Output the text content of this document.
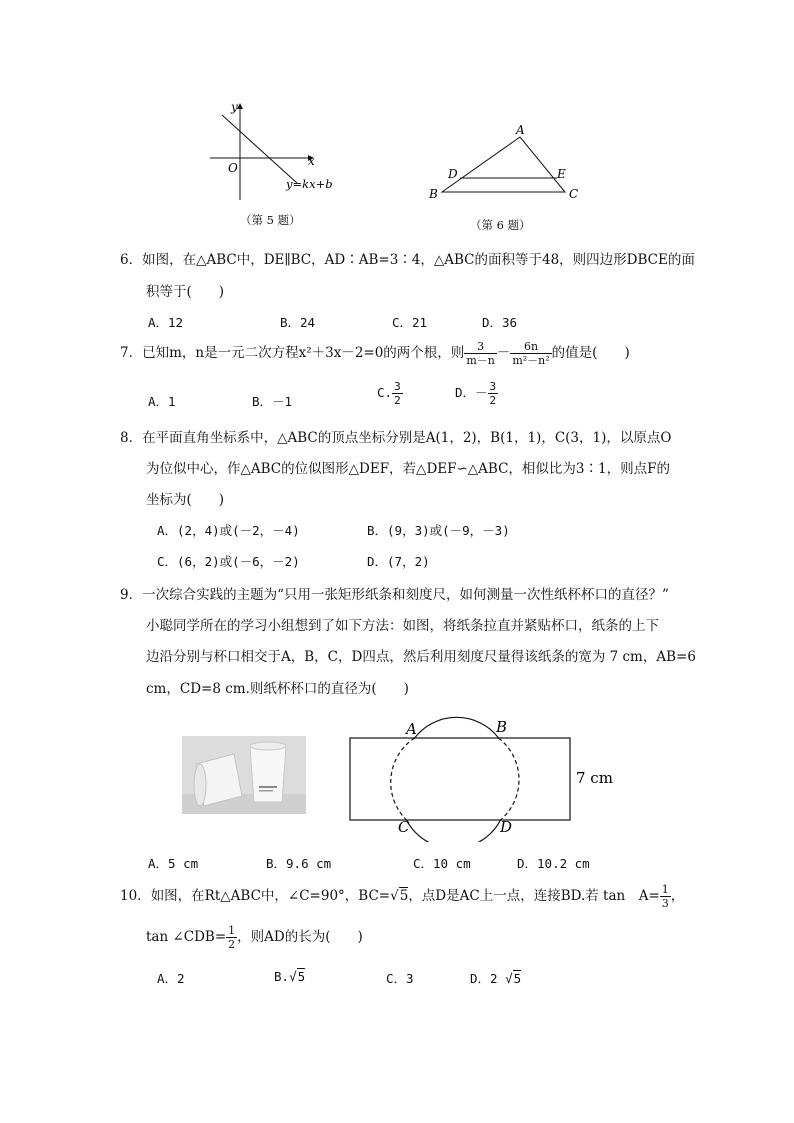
x
y
O
y=kx+b
（第 5 题）
A
B	C
D	E
（第 6 题）
6．如图，在△ABC中，DE∥BC，AD∶AB=3∶4，△ABC的面积等于48，则四边形DBCE的面
积等于(　　)
A．12	B．24	C．21	D．36
7．已知m，n是一元二次方程x²＋3x－2=0的两个根，则 $\frac{3}{m-n} - \frac{6n}{\text{m²－n²}}$ 的值是(　　)
A．1	B．－1
C. $\frac{3}{2}$	D．－ $\frac{3}{2}$
8．在平面直角坐标系中，△ABC的顶点坐标分别是A(1，2)，B(1，1)，C(3，1)，以原点O
为位似中心，作△ABC的位似图形△DEF，若△DEF∽△ABC，相似比为3∶1，则点F的
坐标为(　　)
A．(2，4)或(－2，－4)	B．(9，3)或(－9，－3)
C．(6，2)或(－6，－2)	D．(7，2)
9．一次综合实践的主题为“只用一张矩形纸条和刻度尺，如何测量一次性纸杯杯口的直径？”
小聪同学所在的学习小组想到了如下方法：如图，将纸条拉直并紧贴杯口，纸条的上下
边沿分别与杯口相交于A，B，C，D四点，然后利用刻度尺量得该纸条的宽为 7 cm，AB=6
cm，CD=8 cm.则纸杯杯口的直径为(　　)
A	B
C	D
7 cm
A．5 cm	B．9.6 cm	C．10 cm	D．10.2 cm
10．如图，在Rt△ABC中，∠C=90°，BC=√5，点D是AC上一点，连接BD.若 tan　$A= \frac{1}{3}$ ，
tan ∠CDB= $\frac{1}{2}$ ，则AD的长为(　　)
A．2	B.√5	C．3	D．2 √5
